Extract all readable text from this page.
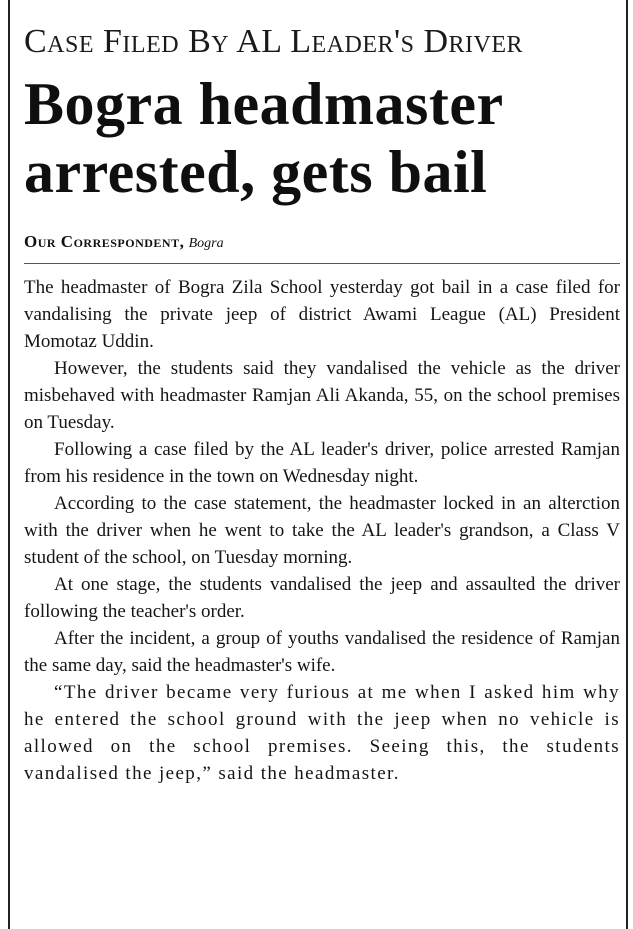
Case Filed By AL Leader's Driver
Bogra headmaster
arrested, gets bail
Our Correspondent, Bogra

The headmaster of Bogra Zila School yesterday got bail in a case filed for vandalising the private jeep of district Awami League (AL) President Momotaz Uddin.

However, the students said they vandalised the vehicle as the driver misbehaved with headmaster Ramjan Ali Akanda, 55, on the school premises on Tuesday.

Following a case filed by the AL leader's driver, police arrested Ramjan from his residence in the town on Wednesday night.

According to the case statement, the headmaster locked in an alterction with the driver when he went to take the AL leader's grandson, a Class V student of the school, on Tuesday morning.

At one stage, the students vandalised the jeep and assaulted the driver following the teacher's order.

After the incident, a group of youths vandalised the residence of Ramjan the same day, said the headmaster's wife.

“The driver became very furious at me when I asked him why he entered the school ground with the jeep when no vehicle is allowed on the school premises. Seeing this, the students vandalised the jeep,” said the headmaster.
